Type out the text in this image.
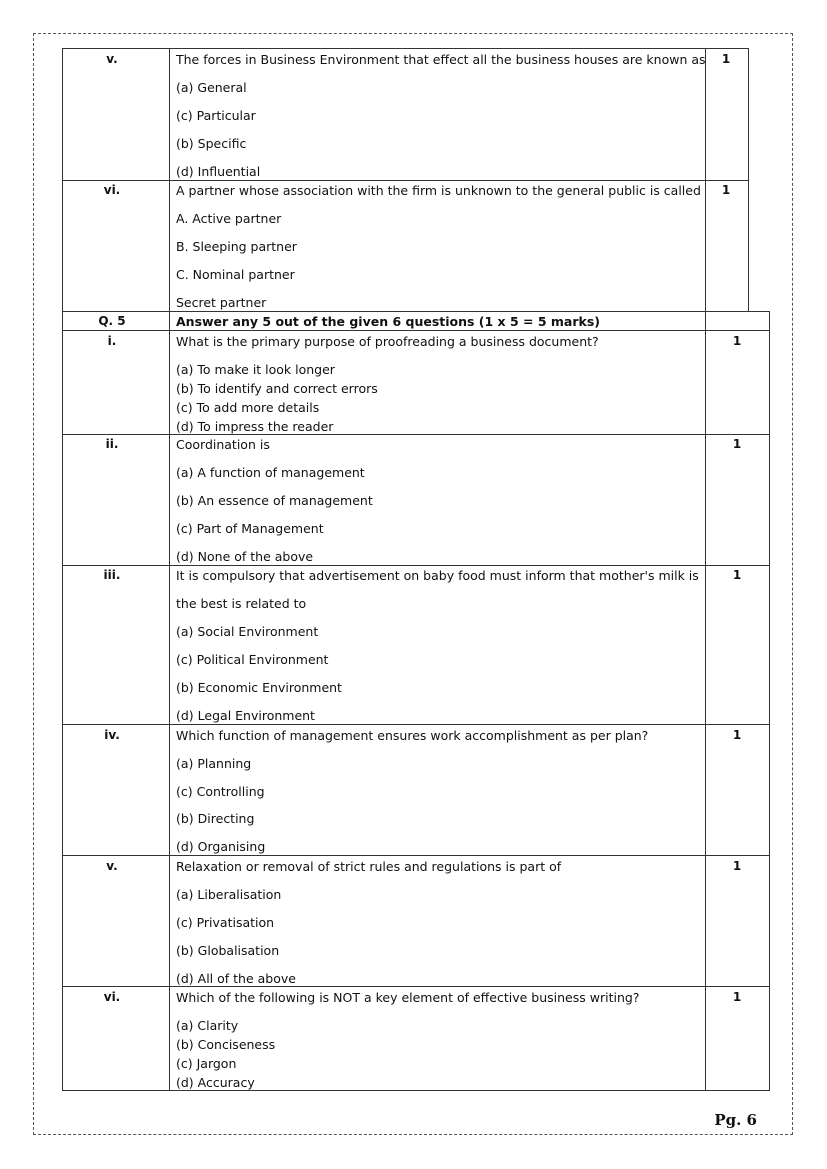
v.	The forces in Business Environment that effect all the business houses are known as
(a) General
(c) Particular
(b) Specific
(d) Influential
1
vi.	A partner whose association with the firm is unknown to the general public is called
A. Active partner
B. Sleeping partner
C. Nominal partner
Secret partner
1
Q. 5	Answer any 5 out of the given 6 questions (1 x 5 = 5 marks)
i.	What is the primary purpose of proofreading a business document?
(a) To make it look longer
(b) To identify and correct errors
(c) To add more details
(d) To impress the reader
1
ii.	Coordination is
(a) A function of management
(b) An essence of management
(c) Part of Management
(d) None of the above
1
iii.	It is compulsory that advertisement on baby food must inform that mother's milk is
the best is related to
(a) Social Environment
(c) Political Environment
(b) Economic Environment
(d) Legal Environment
1
iv.	Which function of management ensures work accomplishment as per plan?
(a) Planning
(c) Controlling
(b) Directing
(d) Organising
1
v.	Relaxation or removal of strict rules and regulations is part of
(a) Liberalisation
(c) Privatisation
(b) Globalisation
(d) All of the above
1
vi.	Which of the following is NOT a key element of effective business writing?
(a) Clarity
(b) Conciseness
(c) Jargon
(d) Accuracy
1
Pg. 6
